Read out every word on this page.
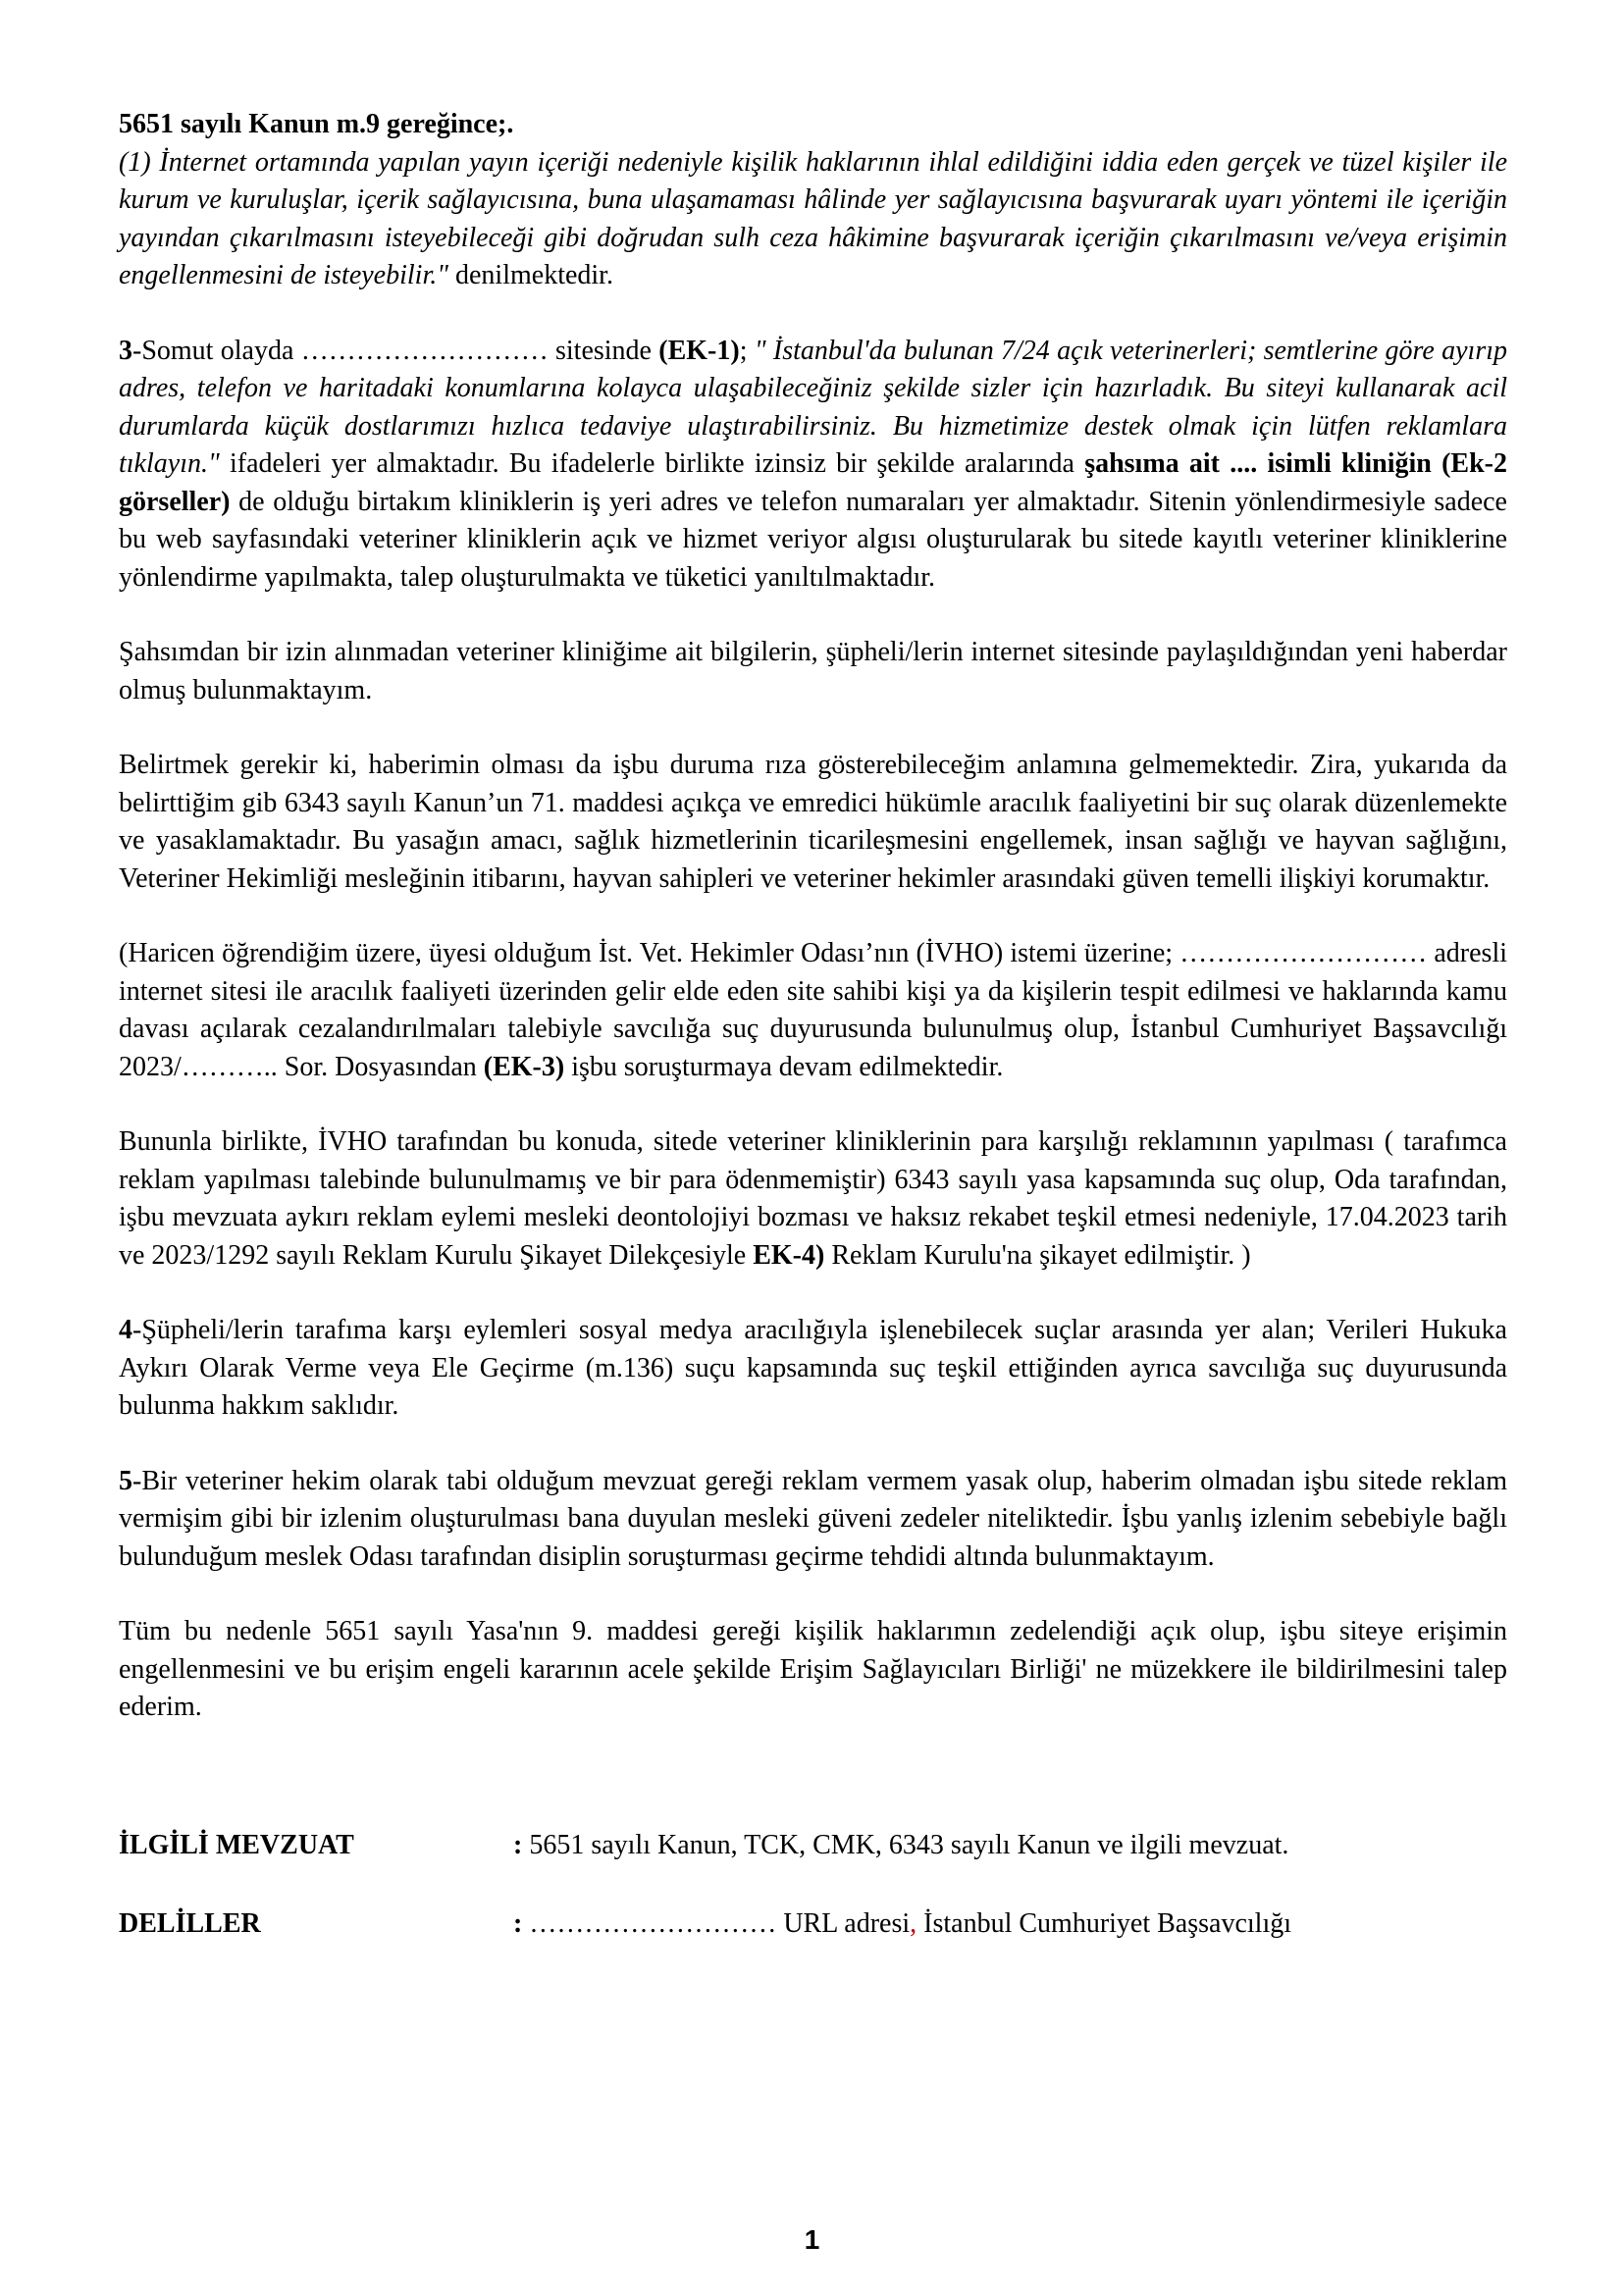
5651 sayılı Kanun m.9 gereğince;.
(1) İnternet ortamında yapılan yayın içeriği nedeniyle kişilik haklarının ihlal edildiğini iddia eden gerçek ve tüzel kişiler ile kurum ve kuruluşlar, içerik sağlayıcısına, buna ulaşamaması hâlinde yer sağlayıcısına başvurarak uyarı yöntemi ile içeriğin yayından çıkarılmasını isteyebileceği gibi doğrudan sulh ceza hâkimine başvurarak içeriğin çıkarılmasını ve/veya erişimin engellenmesini de isteyebilir." denilmektedir.

3-Somut olayda ……………………… sitesinde (EK-1); " İstanbul'da bulunan 7/24 açık veterinerleri; semtlerine göre ayırıp adres, telefon ve haritadaki konumlarına kolayca ulaşabileceğiniz şekilde sizler için hazırladık. Bu siteyi kullanarak acil durumlarda küçük dostlarımızı hızlıca tedaviye ulaştırabilirsiniz. Bu hizmetimize destek olmak için lütfen reklamlara tıklayın." ifadeleri yer almaktadır. Bu ifadelerle birlikte izinsiz bir şekilde aralarında şahsıma ait .... isimli kliniğin (Ek-2 görseller) de olduğu birtakım kliniklerin iş yeri adres ve telefon numaraları yer almaktadır. Sitenin yönlendirmesiyle sadece bu web sayfasındaki veteriner kliniklerin açık ve hizmet veriyor algısı oluşturularak bu sitede kayıtlı veteriner kliniklerine yönlendirme yapılmakta, talep oluşturulmakta ve tüketici yanıltılmaktadır.

Şahsımdan bir izin alınmadan veteriner kliniğime ait bilgilerin, şüpheli/lerin internet sitesinde paylaşıldığından yeni haberdar olmuş bulunmaktayım.

Belirtmek gerekir ki, haberimin olması da işbu duruma rıza gösterebileceğim anlamına gelmemektedir. Zira, yukarıda da belirttiğim gib 6343 sayılı Kanun’un 71. maddesi açıkça ve emredici hükümle aracılık faaliyetini bir suç olarak düzenlemekte ve yasaklamaktadır. Bu yasağın amacı, sağlık hizmetlerinin ticarileşmesini engellemek, insan sağlığı ve hayvan sağlığını, Veteriner Hekimliği mesleğinin itibarını, hayvan sahipleri ve veteriner hekimler arasındaki güven temelli ilişkiyi korumaktır.

(Haricen öğrendiğim üzere, üyesi olduğum İst. Vet. Hekimler Odası’nın (İVHO) istemi üzerine; ……………………… adresli internet sitesi ile aracılık faaliyeti üzerinden gelir elde eden site sahibi kişi ya da kişilerin tespit edilmesi ve haklarında kamu davası açılarak cezalandırılmaları talebiyle savcılığa suç duyurusunda bulunulmuş olup, İstanbul Cumhuriyet Başsavcılığı 2023/……….. Sor. Dosyasından (EK-3) işbu soruşturmaya devam edilmektedir.

Bununla birlikte, İVHO tarafından bu konuda, sitede veteriner kliniklerinin para karşılığı reklamının yapılması ( tarafımca reklam yapılması talebinde bulunulmamış ve bir para ödenmemiştir) 6343 sayılı yasa kapsamında suç olup, Oda tarafından, işbu mevzuata aykırı reklam eylemi mesleki deontolojiyi bozması ve haksız rekabet teşkil etmesi nedeniyle, 17.04.2023 tarih ve 2023/1292 sayılı Reklam Kurulu Şikayet Dilekçesiyle EK-4) Reklam Kurulu'na şikayet edilmiştir. )

4-Şüpheli/lerin tarafıma karşı eylemleri sosyal medya aracılığıyla işlenebilecek suçlar arasında yer alan; Verileri Hukuka Aykırı Olarak Verme veya Ele Geçirme (m.136) suçu kapsamında suç teşkil ettiğinden ayrıca savcılığa suç duyurusunda bulunma hakkım saklıdır.

5-Bir veteriner hekim olarak tabi olduğum mevzuat gereği reklam vermem yasak olup, haberim olmadan işbu sitede reklam vermişim gibi bir izlenim oluşturulması bana duyulan mesleki güveni zedeler niteliktedir. İşbu yanlış izlenim sebebiyle bağlı bulunduğum meslek Odası tarafından disiplin soruşturması geçirme tehdidi altında bulunmaktayım.

Tüm bu nedenle 5651 sayılı Yasa'nın 9. maddesi gereği kişilik haklarımın zedelendiği açık olup, işbu siteye erişimin engellenmesini ve bu erişim engeli kararının acele şekilde Erişim Sağlayıcıları Birliği' ne müzekkere ile bildirilmesini talep ederim.

İLGİLİ MEVZUAT	: 5651 sayılı Kanun, TCK, CMK, 6343 sayılı Kanun ve ilgili mevzuat.
DELİLLER	: ……………………… URL adresi, İstanbul Cumhuriyet Başsavcılığı
1
